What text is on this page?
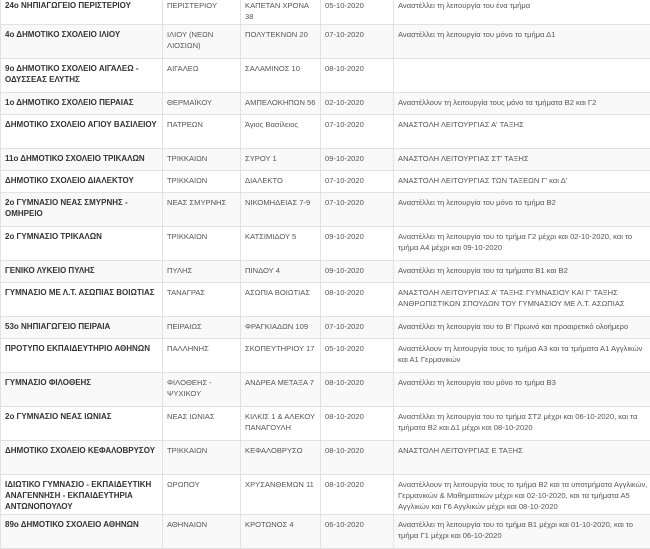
24ο ΝΗΠΙΑΓΩΓΕΙΟ ΠΕΡΙΣΤΕΡΙΟΥ	ΠΕΡΙΣΤΕΡΙΟΥ	ΚΑΠΕΤΑΝ ΧΡΟΝΑ 38	05-10-2020	Αναστέλλει τη λειτουργία του ένα τμήμα
4ο ΔΗΜΟΤΙΚΟ ΣΧΟΛΕΙΟ ΙΛΙΟΥ	ΙΛΙΟΥ (ΝΕΩΝ ΛΙΟΣΙΩΝ)	ΠΟΛΥΤΕΚΝΩΝ 20	07-10-2020	Αναστέλλει τη λειτουργία του μόνο το τμήμα Δ1
9ο ΔΗΜΟΤΙΚΟ ΣΧΟΛΕΙΟ ΑΙΓΑΛΕΩ - ΟΔΥΣΣΕΑΣ ΕΛΥΤΗΣ	ΑΙΓΑΛΕΩ	ΣΑΛΑΜΙΝΟΣ 10	08-10-2020	
1ο ΔΗΜΟΤΙΚΟ ΣΧΟΛΕΙΟ ΠΕΡΑΙΑΣ	ΘΕΡΜΑΪΚΟΥ	ΑΜΠΕΛΟΚΗΠΩΝ 56	02-10-2020	Αναστέλλουν τη λειτουργία τους μόνο τα τμήματα Β2 και Γ2
ΔΗΜΟΤΙΚΟ ΣΧΟΛΕΙΟ ΑΓΙΟΥ ΒΑΣΙΛΕΙΟΥ	ΠΑΤΡΕΩΝ	Άγιος Βασίλειος	07-10-2020	ΑΝΑΣΤΟΛΗ ΛΕΙΤΟΥΡΓΙΑΣ Α' ΤΑΞΗΣ
11ο ΔΗΜΟΤΙΚΟ ΣΧΟΛΕΙΟ ΤΡΙΚΑΛΩΝ	ΤΡΙΚΚΑΙΩΝ	ΣΥΡΟΥ 1	09-10-2020	ΑΝΑΣΤΟΛΗ ΛΕΙΤΟΥΡΓΙΑΣ ΣΤ' ΤΑΞΗΣ
ΔΗΜΟΤΙΚΟ ΣΧΟΛΕΙΟ ΔΙΑΛΕΚΤΟΥ	ΤΡΙΚΚΑΙΩΝ	ΔΙΑΛΕΚΤΟ	07-10-2020	ΑΝΑΣΤΟΛΗ ΛΕΙΤΟΥΡΓΙΑΣ ΤΩΝ ΤΑΞΕΩΝ Γ' και Δ'
2ο ΓΥΜΝΑΣΙΟ ΝΕΑΣ ΣΜΥΡΝΗΣ - ΟΜΗΡΕΙΟ	ΝΕΑΣ ΣΜΥΡΝΗΣ	ΝΙΚΟΜΗΔΕΙΑΣ 7-9	07-10-2020	Αναστέλλει τη λειτουργία του μόνο το τμήμα Β2
2ο ΓΥΜΝΑΣΙΟ ΤΡΙΚΑΛΩΝ	ΤΡΙΚΚΑΙΩΝ	ΚΑΤΣΙΜΙΔΟΥ 5	09-10-2020	Αναστέλλει τη λειτουργία του το τμήμα Γ2 μέχρι και 02-10-2020, και το τμήμα Α4 μέχρι και 09-10-2020
ΓΕΝΙΚΟ ΛΥΚΕΙΟ ΠΥΛΗΣ	ΠΥΛΗΣ	ΠΙΝΔΟΥ 4	09-10-2020	Αναστέλλει τη λειτουργία του τα τμήματα Β1 και Β2
ΓΥΜΝΑΣΙΟ ΜΕ Λ.Τ. ΑΣΩΠΙΑΣ ΒΟΙΩΤΙΑΣ	ΤΑΝΑΓΡΑΣ	ΑΣΩΠΙΑ ΒΟΙΩΤΙΑΣ	08-10-2020	ΑΝΑΣΤΟΛΗ ΛΕΙΤΟΥΡΓΙΑΣ Α' ΤΑΞΗΣ ΓΥΜΝΑΣΙΟΥ ΚΑΙ Γ' ΤΑΞΗΣ ΑΝΘΡΩΠΙΣΤΙΚΩΝ ΣΠΟΥΔΩΝ ΤΟΥ ΓΥΜΝΑΣΙΟΥ ΜΕ Λ.Τ. ΑΣΩΠΙΑΣ
53ο ΝΗΠΙΑΓΩΓΕΙΟ ΠΕΙΡΑΙΑ	ΠΕΙΡΑΙΩΣ	ΦΡΑΓΚΙΑΔΩΝ 109	07-10-2020	Αναστέλλει τη λειτουργία του το Β' Πρωινό και προαιρετικό ολοήμερο
ΠΡΟΤΥΠΟ ΕΚΠΑΙΔΕΥΤΗΡΙΟ ΑΘΗΝΩΝ	ΠΑΛΛΗΝΗΣ	ΣΚΟΠΕΥΤΗΡΙΟΥ 17	05-10-2020	Αναστέλλουν τη λειτουργία τους το τμήμα Α3 και τα τμήματα Α1 Αγγλικών και Α1 Γερμανικών
ΓΥΜΝΑΣΙΟ ΦΙΛΟΘΕΗΣ	ΦΙΛΟΘΕΗΣ - ΨΥΧΙΚΟΥ	ΑΝΔΡΕΑ ΜΕΤΑΞΑ 7	08-10-2020	Αναστέλλει τη λειτουργία του μόνο το τμήμα Β3
2ο ΓΥΜΝΑΣΙΟ ΝΕΑΣ ΙΩΝΙΑΣ	ΝΕΑΣ ΙΩΝΙΑΣ	ΚΙΛΚΙΣ 1 & ΑΛΕΚΟΥ ΠΑΝΑΓΟΥΛΗ	08-10-2020	Αναστέλλει τη λειτουργία του το τμήμα ΣΤ2 μέχρι και 06-10-2020, και τα τμήματα Β2 και Δ1 μέχρι και 08-10-2020
ΔΗΜΟΤΙΚΟ ΣΧΟΛΕΙΟ ΚΕΦΑΛΟΒΡΥΣΟΥ	ΤΡΙΚΚΑΙΩΝ	ΚΕΦΑΛΟΒΡΥΣΟ	08-10-2020	ΑΝΑΣΤΟΛΗ ΛΕΙΤΟΥΡΓΙΑΣ Ε ΤΑΞΗΣ
ΙΔΙΩΤΙΚΟ ΓΥΜΝΑΣΙΟ - ΕΚΠΑΙΔΕΥΤΙΚΗ ΑΝΑΓΕΝΝΗΣΗ - ΕΚΠΑΙΔΕΥΤΗΡΙΑ ΑΝΤΩΝΟΠΟΥΛΟΥ	ΩΡΩΠΟΥ	ΧΡΥΣΑΝΘΕΜΩΝ 11	08-10-2020	Αναστέλλουν τη λειτουργία τους το τμήμα Β2 και τα υποτμήματα Αγγλικών, Γερμανικών & Μαθηματικών μέχρι και 02-10-2020, και τα τμήματα Α5 Αγγλικών και Γ6 Αγγλικών μέχρι και 08-10-2020
89ο ΔΗΜΟΤΙΚΟ ΣΧΟΛΕΙΟ ΑΘΗΝΩΝ	ΑΘΗΝΑΙΩΝ	ΚΡΟΤΩΝΟΣ 4	06-10-2020	Αναστέλλει τη λειτουργία του το τμήμα Β1 μέχρι και 01-10-2020, και το τμήμα Γ1 μέχρι και 06-10-2020
